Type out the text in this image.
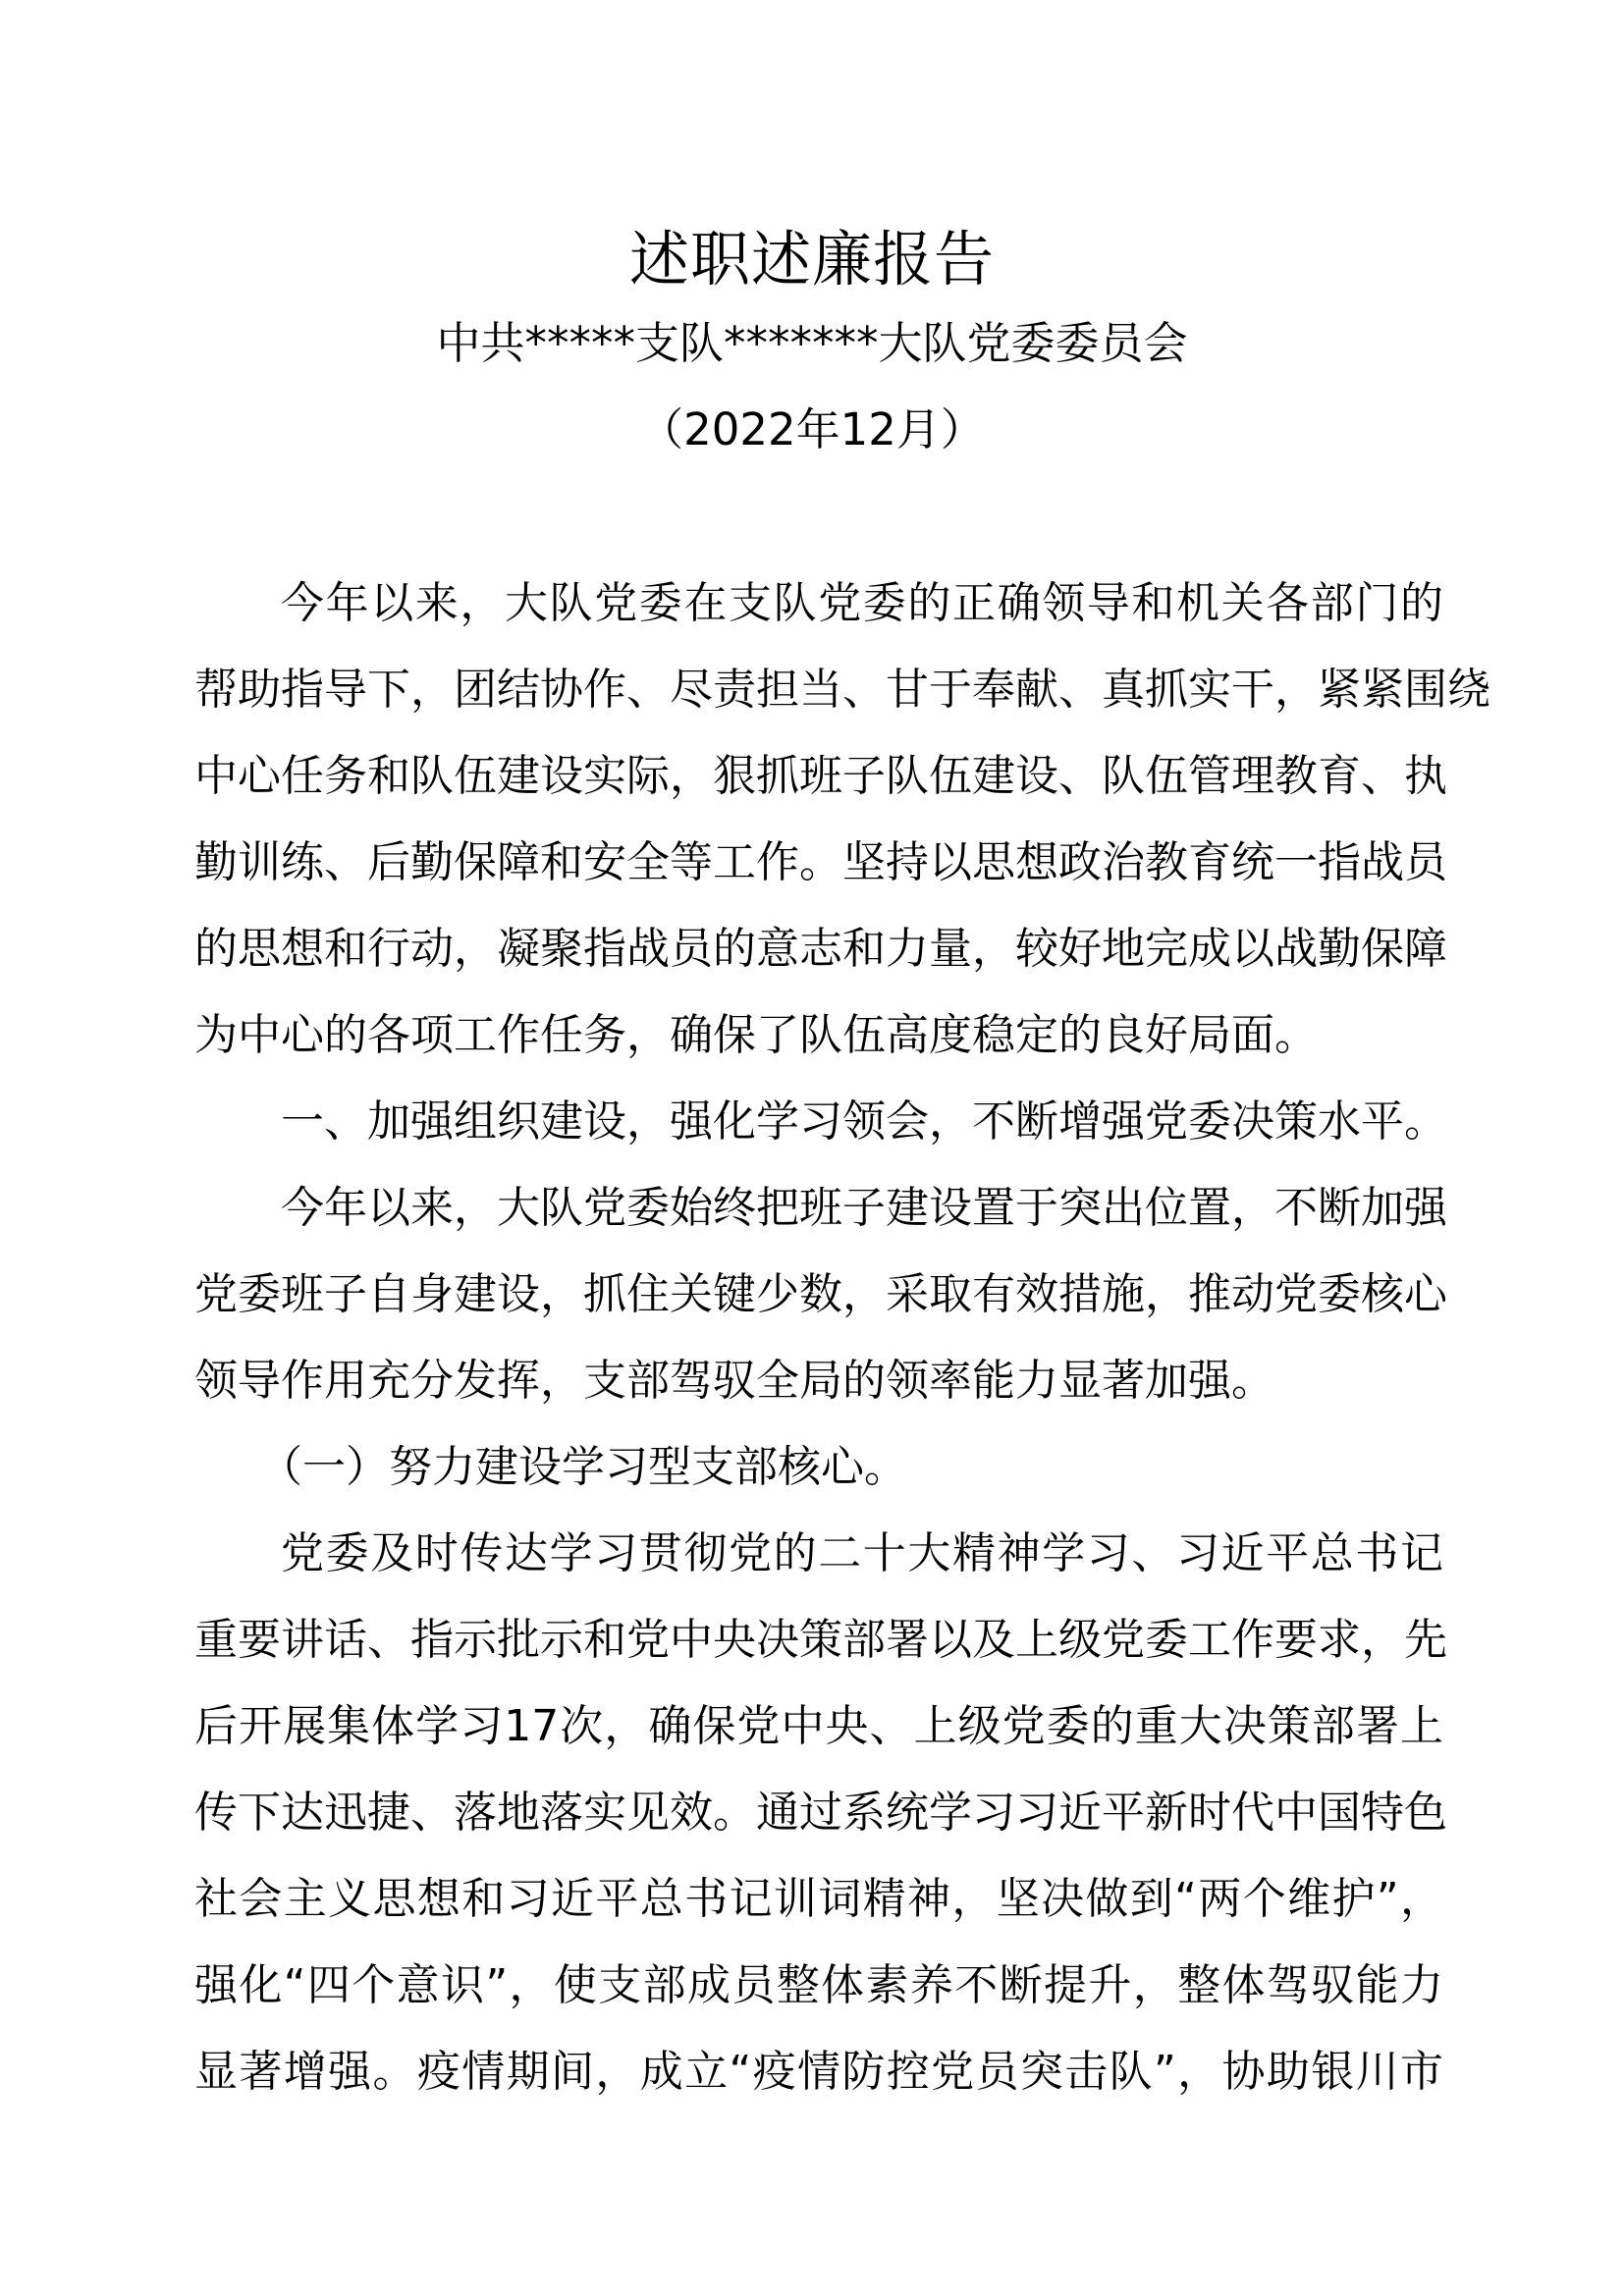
述职述廉报告
中共*****支队*******大队党委委员会
（2022年12月）
今年以来，大队党委在支队党委的正确领导和机关各部门的
帮助指导下，团结协作、尽责担当、甘于奉献、真抓实干，紧紧围绕
中心任务和队伍建设实际，狠抓班子队伍建设、队伍管理教育、执
勤训练、后勤保障和安全等工作。坚持以思想政治教育统一指战员
的思想和行动，凝聚指战员的意志和力量，较好地完成以战勤保障
为中心的各项工作任务，确保了队伍高度稳定的良好局面。
一、加强组织建设，强化学习领会，不断增强党委决策水平。
今年以来，大队党委始终把班子建设置于突出位置，不断加强
党委班子自身建设，抓住关键少数，采取有效措施，推动党委核心
领导作用充分发挥，支部驾驭全局的领率能力显著加强。
（一）努力建设学习型支部核心。
党委及时传达学习贯彻党的二十大精神学习、习近平总书记
重要讲话、指示批示和党中央决策部署以及上级党委工作要求，先
后开展集体学习17次，确保党中央、上级党委的重大决策部署上
传下达迅捷、落地落实见效。通过系统学习习近平新时代中国特色
社会主义思想和习近平总书记训词精神，坚决做到“两个维护”，
强化“四个意识”，使支部成员整体素养不断提升，整体驾驭能力
显著增强。疫情期间，成立“疫情防控党员突击队”，协助银川市
